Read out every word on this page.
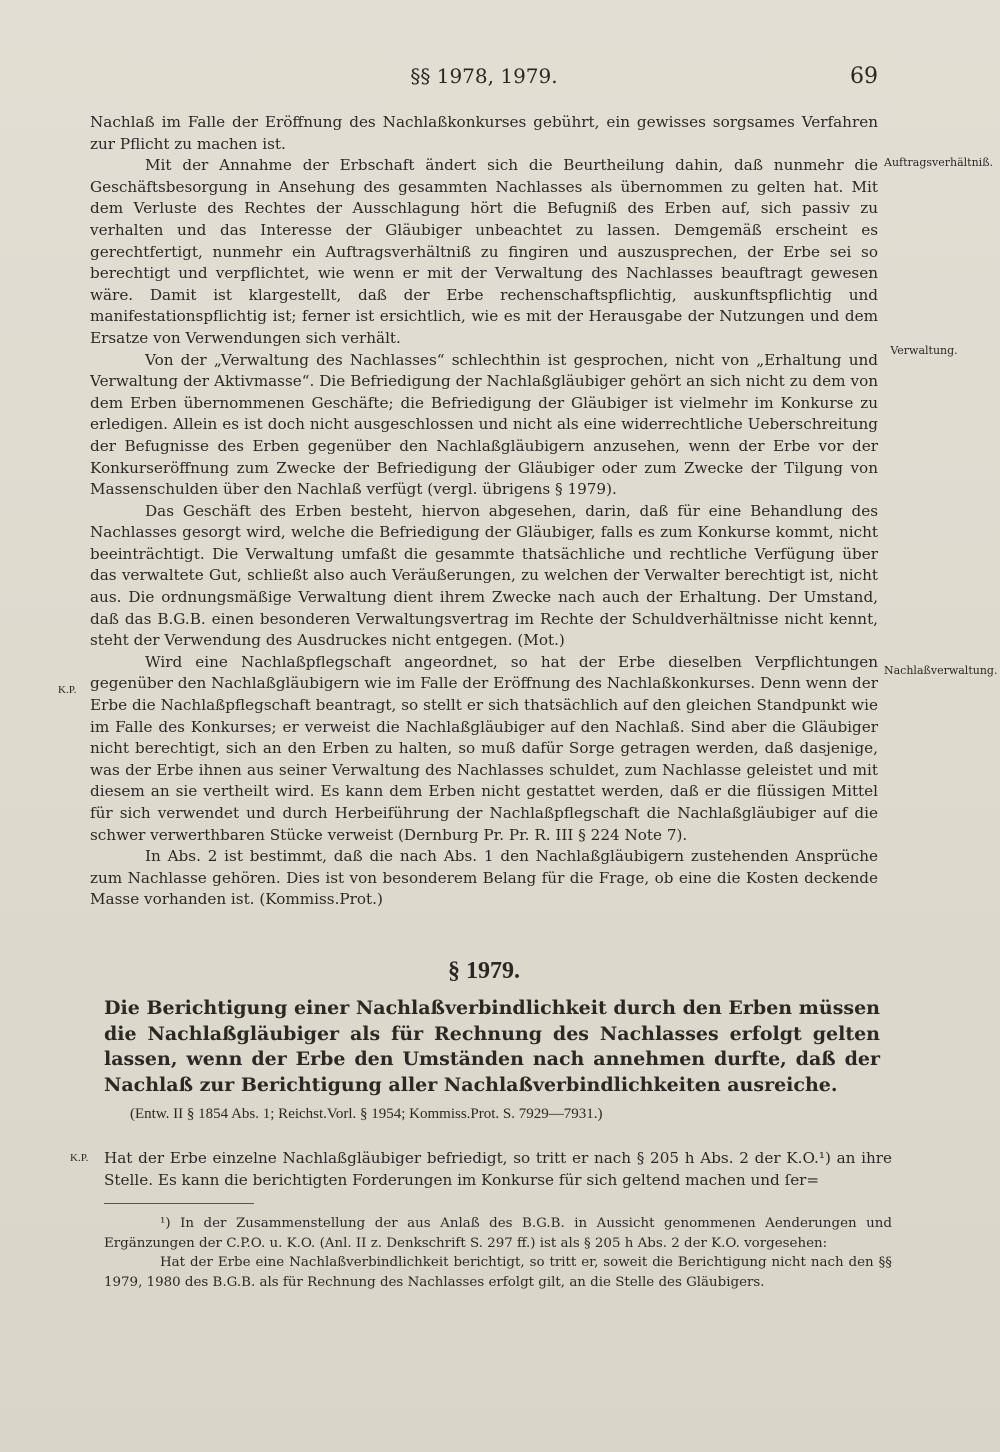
§§ 1978, 1979.	69

Nachlaß im Falle der Eröffnung des Nachlaßkonkurses gebührt, ein gewisses sorgsames Verfahren zur Pflicht zu machen ist.

Mit der Annahme der Erbschaft ändert sich die Beurtheilung dahin, daß nunmehr die Geschäftsbesorgung in Ansehung des gesammten Nachlasses als übernommen zu gelten hat. Mit dem Verluste des Rechtes der Ausschlagung hört die Befugniß des Erben auf, sich passiv zu verhalten und das Interesse der Gläubiger unbeachtet zu lassen. Demgemäß erscheint es gerechtfertigt, nunmehr ein Auftragsverhältniß zu fingiren und auszusprechen, der Erbe sei so berechtigt und verpflichtet, wie wenn er mit der Verwaltung des Nachlasses beauftragt gewesen wäre. Damit ist klargestellt, daß der Erbe rechenschaftspflichtig, auskunftspflichtig und manifestationspflichtig ist; ferner ist ersichtlich, wie es mit der Herausgabe der Nutzungen und dem Ersatze von Verwendungen sich verhält.

Von der „Verwaltung des Nachlasses“ schlechthin ist gesprochen, nicht von „Erhaltung und Verwaltung der Aktivmasse“. Die Befriedigung der Nachlaßgläubiger gehört an sich nicht zu dem von dem Erben übernommenen Geschäfte; die Befriedigung der Gläubiger ist vielmehr im Konkurse zu erledigen. Allein es ist doch nicht ausgeschlossen und nicht als eine widerrechtliche Ueberschreitung der Befugnisse des Erben gegenüber den Nachlaßgläubigern anzusehen, wenn der Erbe vor der Konkurseröffnung zum Zwecke der Befriedigung der Gläubiger oder zum Zwecke der Tilgung von Massenschulden über den Nachlaß verfügt (vergl. übrigens § 1979).

Das Geschäft des Erben besteht, hiervon abgesehen, darin, daß für eine Behandlung des Nachlasses gesorgt wird, welche die Befriedigung der Gläubiger, falls es zum Konkurse kommt, nicht beeinträchtigt. Die Verwaltung umfaßt die gesammte thatsächliche und rechtliche Verfügung über das verwaltete Gut, schließt also auch Veräußerungen, zu welchen der Verwalter berechtigt ist, nicht aus. Die ordnungsmäßige Verwaltung dient ihrem Zwecke nach auch der Erhaltung. Der Umstand, daß das B.G.B. einen besonderen Verwaltungsvertrag im Rechte der Schuldverhältnisse nicht kennt, steht der Verwendung des Ausdruckes nicht entgegen. (Mot.)

Wird eine Nachlaßpflegschaft angeordnet, so hat der Erbe dieselben Verpflichtungen gegenüber den Nachlaßgläubigern wie im Falle der Eröffnung des Nachlaßkonkurses. Denn wenn der Erbe die Nachlaßpflegschaft beantragt, so stellt er sich thatsächlich auf den gleichen Standpunkt wie im Falle des Konkurses; er verweist die Nachlaßgläubiger auf den Nachlaß. Sind aber die Gläubiger nicht berechtigt, sich an den Erben zu halten, so muß dafür Sorge getragen werden, daß dasjenige, was der Erbe ihnen aus seiner Verwaltung des Nachlasses schuldet, zum Nachlasse geleistet und mit diesem an sie vertheilt wird. Es kann dem Erben nicht gestattet werden, daß er die flüssigen Mittel für sich verwendet und durch Herbeiführung der Nachlaßpflegschaft die Nachlaßgläubiger auf die schwer verwerthbaren Stücke verweist (Dernburg Pr. Pr. R. III § 224 Note 7).

In Abs. 2 ist bestimmt, daß die nach Abs. 1 den Nachlaßgläubigern zustehenden Ansprüche zum Nachlasse gehören. Dies ist von besonderem Belang für die Frage, ob eine die Kosten deckende Masse vorhanden ist. (Kommiss.Prot.)

Auftragsverhältniß.
Verwaltung.
Nachlaßverwaltung.
K.P.
K.P.
§ 1979.
Die Berichtigung einer Nachlaßverbindlichkeit durch den Erben müssen die Nachlaßgläubiger als für Rechnung des Nachlasses erfolgt gelten lassen, wenn der Erbe den Umständen nach annehmen durfte, daß der Nachlaß zur Berichtigung aller Nachlaßverbindlichkeiten ausreiche.
(Entw. II § 1854 Abs. 1; Reichst.Vorl. § 1954; Kommiss.Prot. S. 7929—7931.)
Hat der Erbe einzelne Nachlaßgläubiger befriedigt, so tritt er nach § 205 h Abs. 2 der K.O.¹) an ihre Stelle. Es kann die berichtigten Forderungen im Konkurse für sich geltend machen und ſer=

¹) In der Zusammenstellung der aus Anlaß des B.G.B. in Aussicht genommenen Aenderungen und Ergänzungen der C.P.O. u. K.O. (Anl. II z. Denkschrift S. 297 ff.) ist als § 205 h Abs. 2 der K.O. vorgesehen:

Hat der Erbe eine Nachlaßverbindlichkeit berichtigt, so tritt er, soweit die Berichtigung nicht nach den §§ 1979, 1980 des B.G.B. als für Rechnung des Nachlasses erfolgt gilt, an die Stelle des Gläubigers.
